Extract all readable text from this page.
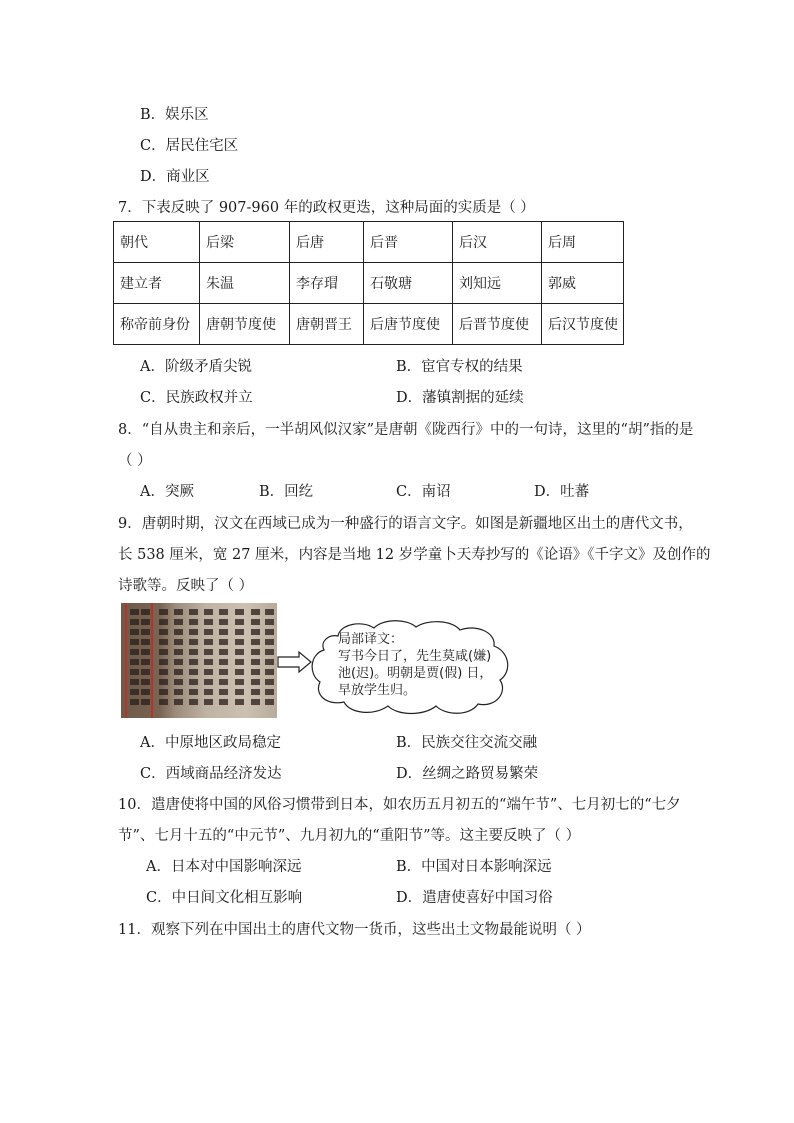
B．娱乐区
C．居民住宅区
D．商业区
7．下表反映了 907-960 年的政权更迭，这种局面的实质是（ ）
朝代	后梁	后唐	后晋	后汉	后周
建立者	朱温	李存瑁	石敬瑭	刘知远	郭威
称帝前身份	唐朝节度使	唐朝晋王	后唐节度使	后晋节度使	后汉节度使
A．阶级矛盾尖锐	B．宦官专权的结果
C．民族政权并立	D．藩镇割据的延续
8．“自从贵主和亲后，一半胡风似汉家”是唐朝《陇西行》中的一句诗，这里的“胡”指的是
（ ）
A．突厥	B．回纥	C．南诏	D．吐蕃
9．唐朝时期，汉文在西域已成为一种盛行的语言文字。如图是新疆地区出土的唐代文书，
长 538 厘米，宽 27 厘米，内容是当地 12 岁学童卜天寿抄写的《论语》《千字文》及创作的
诗歌等。反映了（ ）
局部译文：
写书今日了，先生莫咸(嫌)
池(迟)。明朝是贾(假) 日，
早放学生归。
A．中原地区政局稳定	B．民族交往交流交融
C．西域商品经济发达	D．丝绸之路贸易繁荣
10．遣唐使将中国的风俗习惯带到日本，如农历五月初五的“端午节”、七月初七的“七夕
节”、七月十五的“中元节”、九月初九的“重阳节”等。这主要反映了（ ）
A．日本对中国影响深远	B．中国对日本影响深远
C．中日间文化相互影响	D．遣唐使喜好中国习俗
11．观察下列在中国出土的唐代文物一货币，这些出土文物最能说明（ ）
